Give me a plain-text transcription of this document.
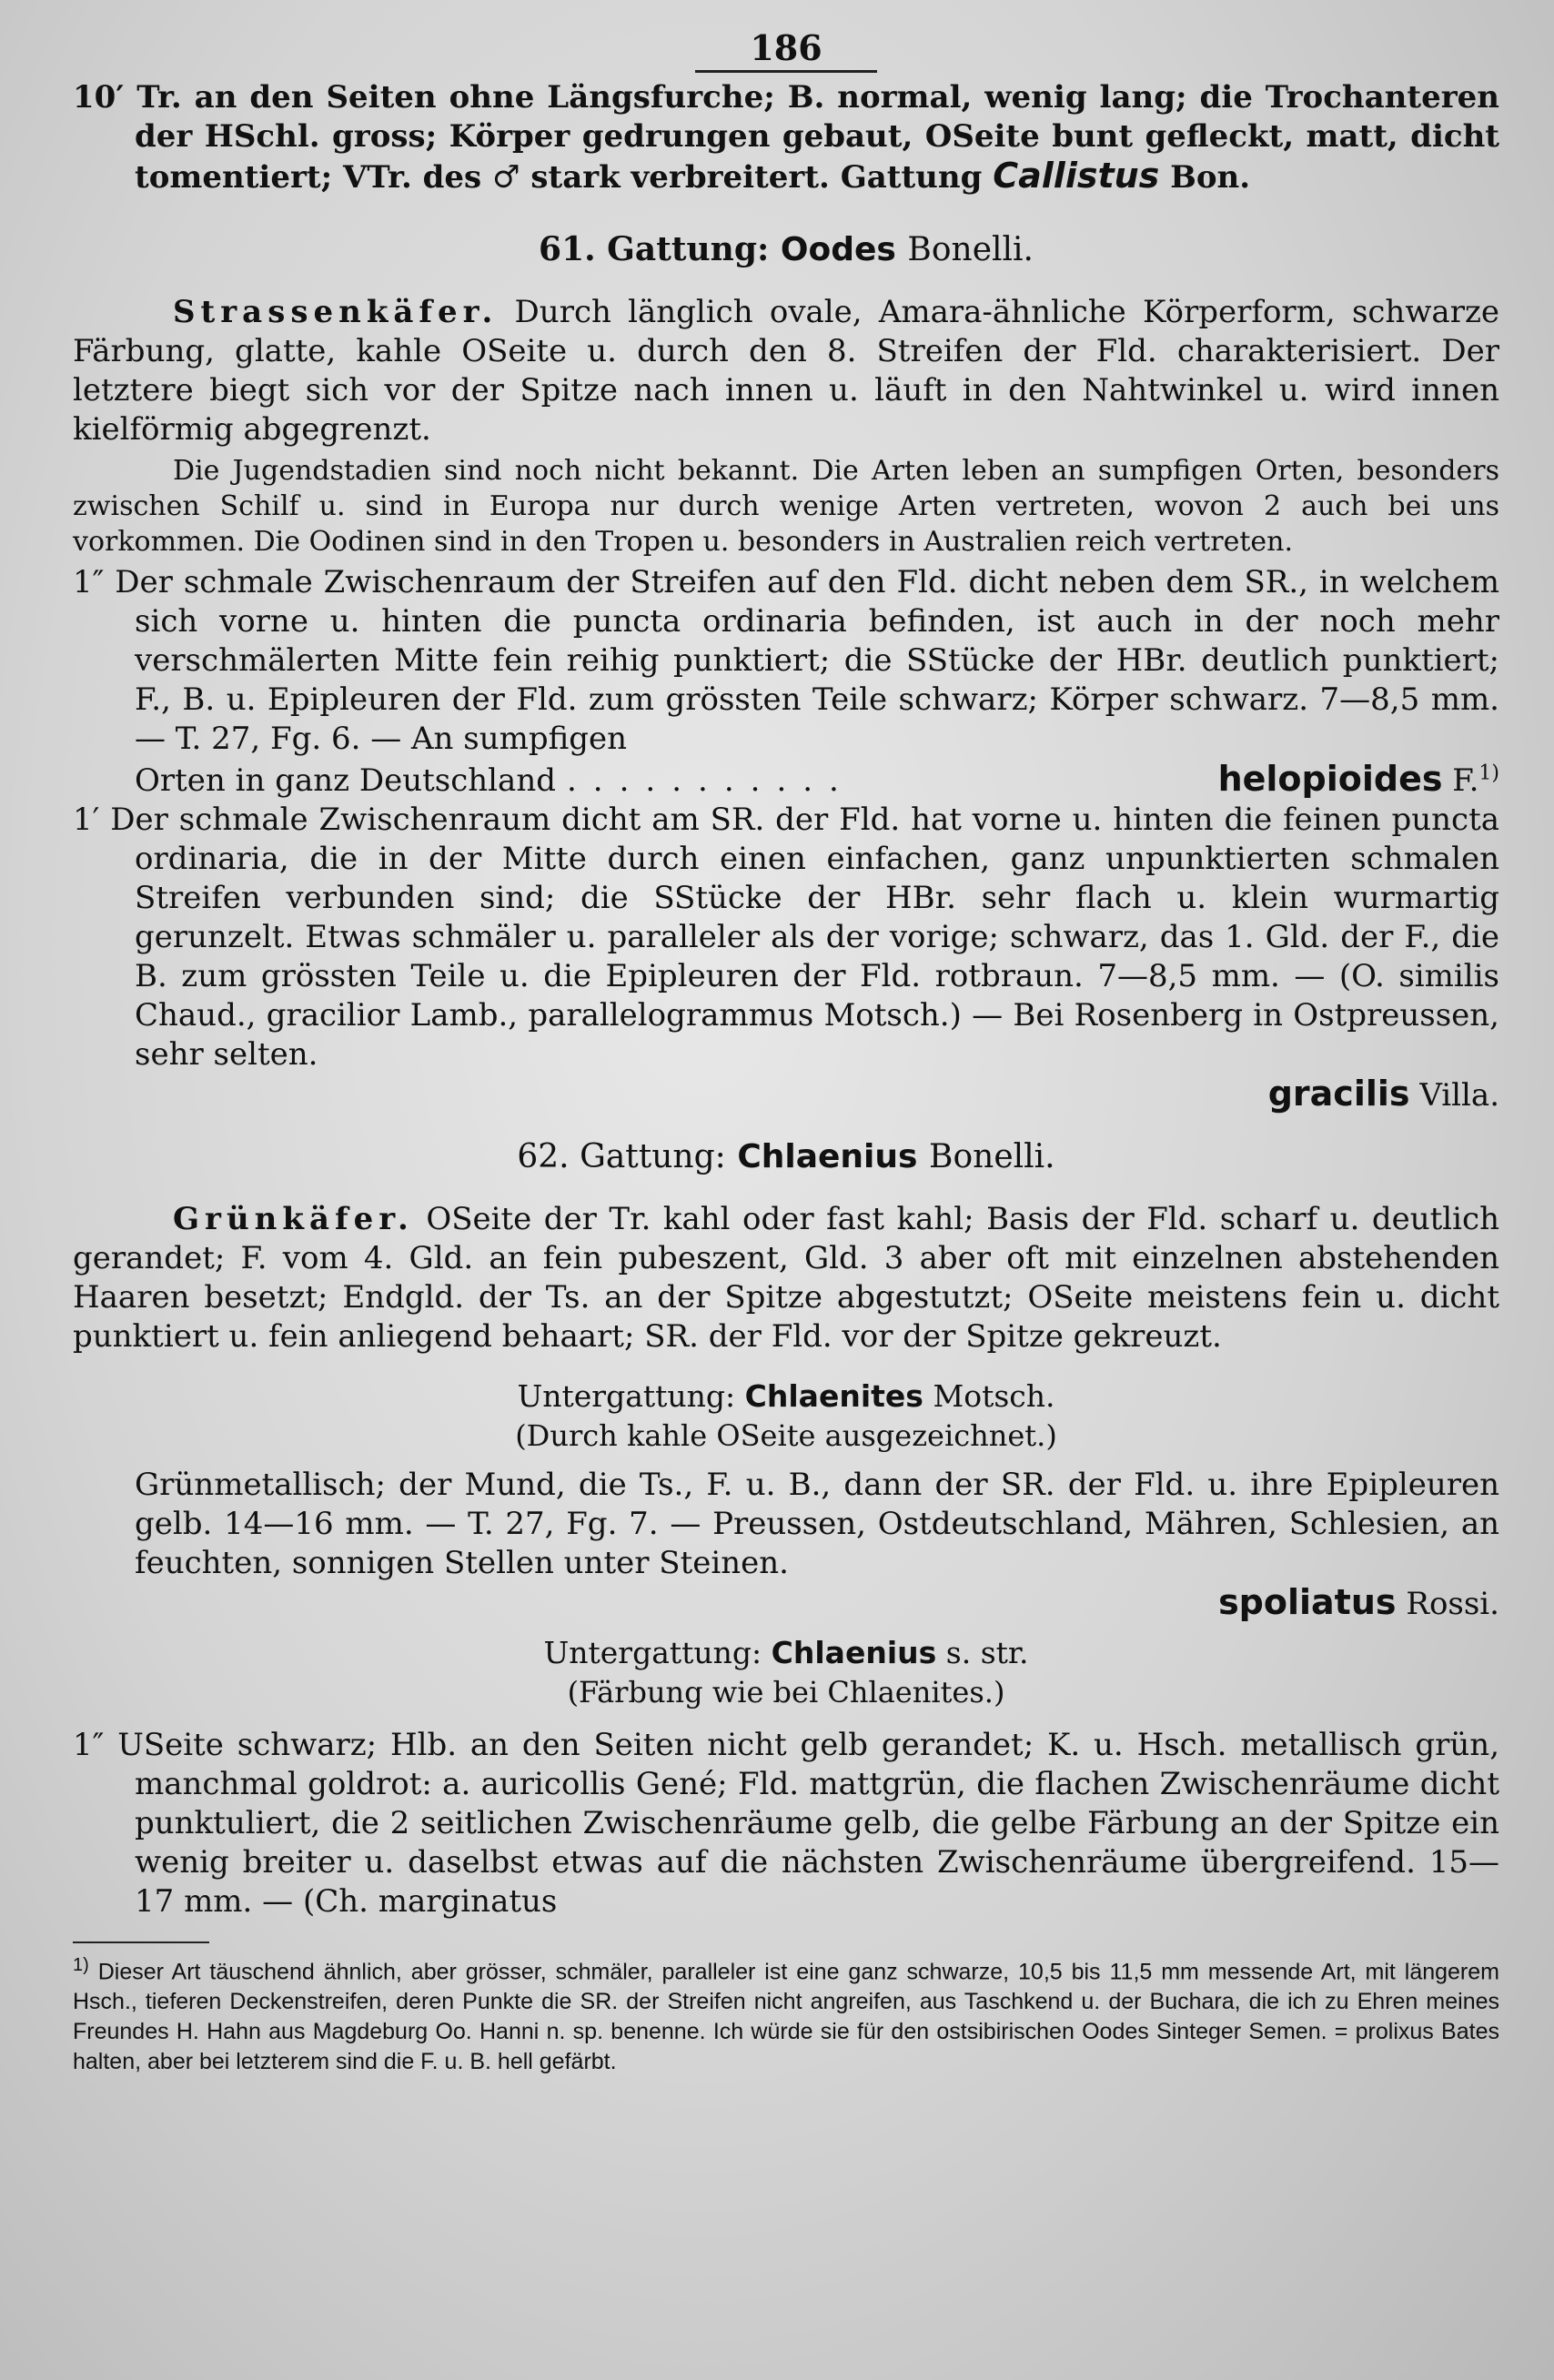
186

10′ Tr. an den Seiten ohne Längsfurche; B. normal, wenig lang; die Trochanteren der HSchl. gross; Körper gedrungen gebaut, OSeite bunt gefleckt, matt, dicht tomentiert; VTr. des ♂ stark verbreitert. Gattung Callistus Bon.

61. Gattung: Oodes Bonelli.

Strassenkäfer. Durch länglich ovale, Amara-ähnliche Körperform, schwarze Färbung, glatte, kahle OSeite u. durch den 8. Streifen der Fld. charakterisiert. Der letztere biegt sich vor der Spitze nach innen u. läuft in den Nahtwinkel u. wird innen kielförmig abgegrenzt.

Die Jugendstadien sind noch nicht bekannt. Die Arten leben an sumpfigen Orten, besonders zwischen Schilf u. sind in Europa nur durch wenige Arten vertreten, wovon 2 auch bei uns vorkommen. Die Oodinen sind in den Tropen u. besonders in Australien reich vertreten.

1″ Der schmale Zwischenraum der Streifen auf den Fld. dicht neben dem SR., in welchem sich vorne u. hinten die puncta ordinaria befinden, ist auch in der noch mehr verschmälerten Mitte fein reihig punktiert; die SStücke der HBr. deutlich punktiert; F., B. u. Epipleuren der Fld. zum grössten Teile schwarz; Körper schwarz. 7—8,5 mm. — T. 27, Fg. 6. — An sumpfigen

Orten in ganz Deutschland ...........	helopioides F.$^{1)}$

1′ Der schmale Zwischenraum dicht am SR. der Fld. hat vorne u. hinten die feinen puncta ordinaria, die in der Mitte durch einen einfachen, ganz unpunktierten schmalen Streifen verbunden sind; die SStücke der HBr. sehr flach u. klein wurmartig gerunzelt. Etwas schmäler u. paralleler als der vorige; schwarz, das 1. Gld. der F., die B. zum grössten Teile u. die Epipleuren der Fld. rotbraun. 7—8,5 mm. — (O. similis Chaud., gracilior Lamb., parallelogrammus Motsch.) — Bei Rosenberg in Ostpreussen, sehr selten.

gracilis Villa.

62. Gattung: Chlaenius Bonelli.

Grünkäfer. OSeite der Tr. kahl oder fast kahl; Basis der Fld. scharf u. deutlich gerandet; F. vom 4. Gld. an fein pubeszent, Gld. 3 aber oft mit einzelnen abstehenden Haaren besetzt; Endgld. der Ts. an der Spitze abgestutzt; OSeite meistens fein u. dicht punktiert u. fein anliegend behaart; SR. der Fld. vor der Spitze gekreuzt.

Untergattung: Chlaenites Motsch.
(Durch kahle OSeite ausgezeichnet.)

Grünmetallisch; der Mund, die Ts., F. u. B., dann der SR. der Fld. u. ihre Epipleuren gelb. 14—16 mm. — T. 27, Fg. 7. — Preussen, Ostdeutschland, Mähren, Schlesien, an feuchten, sonnigen Stellen unter Steinen.

spoliatus Rossi.

Untergattung: Chlaenius s. str.
(Färbung wie bei Chlaenites.)

1″ USeite schwarz; Hlb. an den Seiten nicht gelb gerandet; K. u. Hsch. metallisch grün, manchmal goldrot: a. auricollis Gené; Fld. mattgrün, die flachen Zwischenräume dicht punktuliert, die 2 seitlichen Zwischenräume gelb, die gelbe Färbung an der Spitze ein wenig breiter u. daselbst etwas auf die nächsten Zwischenräume übergreifend. 15—17 mm. — (Ch. marginatus

$^{1)}$ Dieser Art täuschend ähnlich, aber grösser, schmäler, paralleler ist eine ganz schwarze, 10,5 bis 11,5 mm messende Art, mit längerem Hsch., tieferen Deckenstreifen, deren Punkte die SR. der Streifen nicht angreifen, aus Taschkend u. der Buchara, die ich zu Ehren meines Freundes H. Hahn aus Magdeburg Oo. Hanni n. sp. benenne. Ich würde sie für den ostsibirischen Oodes Sinteger Semen. = prolixus Bates halten, aber bei letzterem sind die F. u. B. hell gefärbt.
